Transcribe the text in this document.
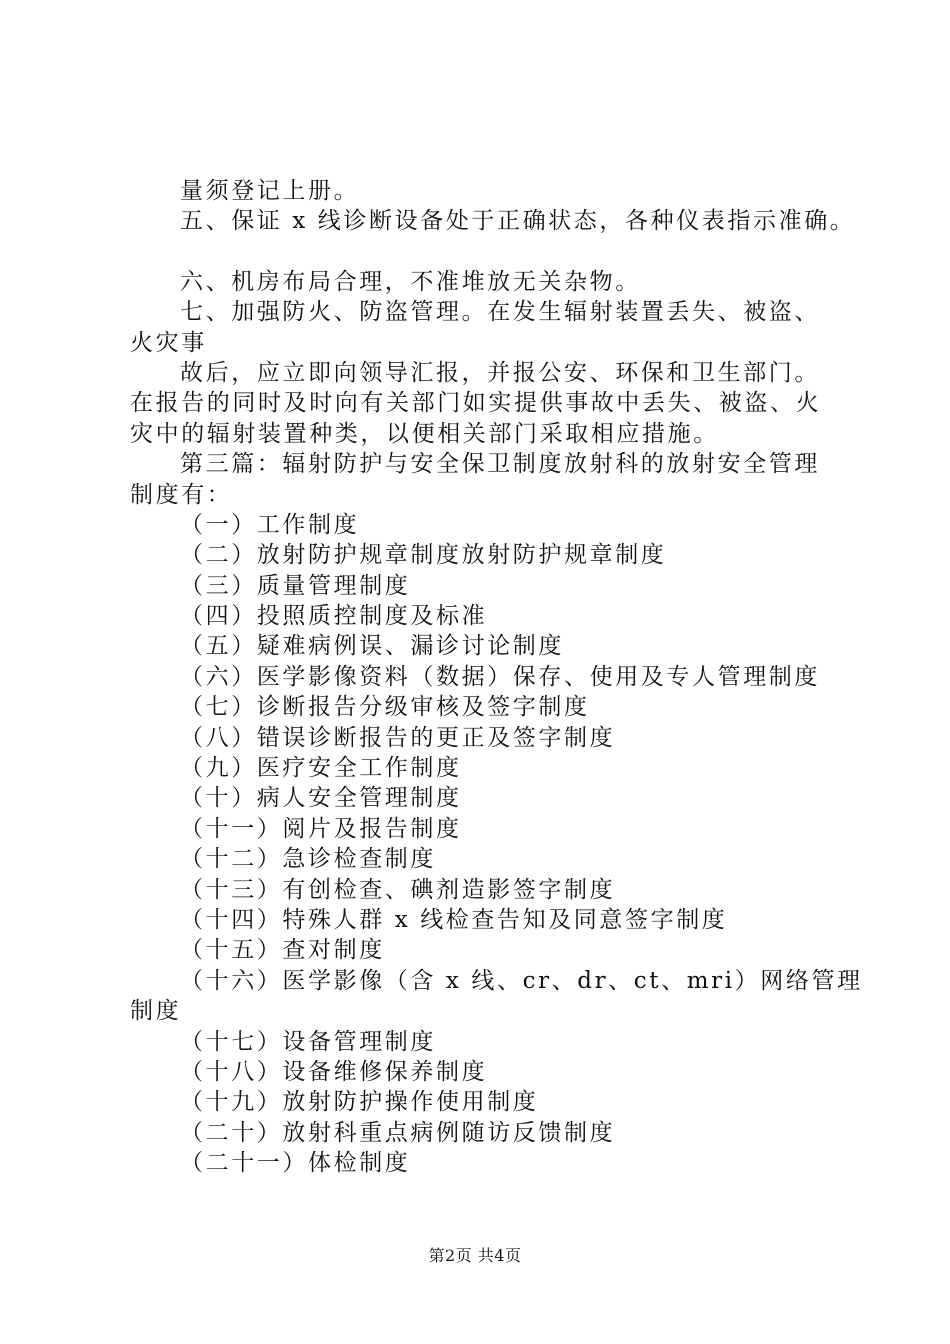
量须登记上册。
五、保证 x 线诊断设备处于正确状态，各种仪表指示准确。
六、机房布局合理，不准堆放无关杂物。
七、加强防火、防盗管理。在发生辐射装置丢失、被盗、
火灾事
故后，应立即向领导汇报，并报公安、环保和卫生部门。
在报告的同时及时向有关部门如实提供事故中丢失、被盗、火
灾中的辐射装置种类，以便相关部门采取相应措施。
第三篇：辐射防护与安全保卫制度放射科的放射安全管理
制度有：
（一）工作制度
（二）放射防护规章制度放射防护规章制度
（三）质量管理制度
（四）投照质控制度及标准
（五）疑难病例误、漏诊讨论制度
（六）医学影像资料（数据）保存、使用及专人管理制度
（七）诊断报告分级审核及签字制度
（八）错误诊断报告的更正及签字制度
（九）医疗安全工作制度
（十）病人安全管理制度
（十一）阅片及报告制度
（十二）急诊检查制度
（十三）有创检查、碘剂造影签字制度
（十四）特殊人群 x 线检查告知及同意签字制度
（十五）查对制度
（十六）医学影像（含 x 线、cr、dr、ct、mri）网络管理
制度
（十七）设备管理制度
（十八）设备维修保养制度
（十九）放射防护操作使用制度
（二十）放射科重点病例随访反馈制度
（二十一）体检制度
第2页 共4页
